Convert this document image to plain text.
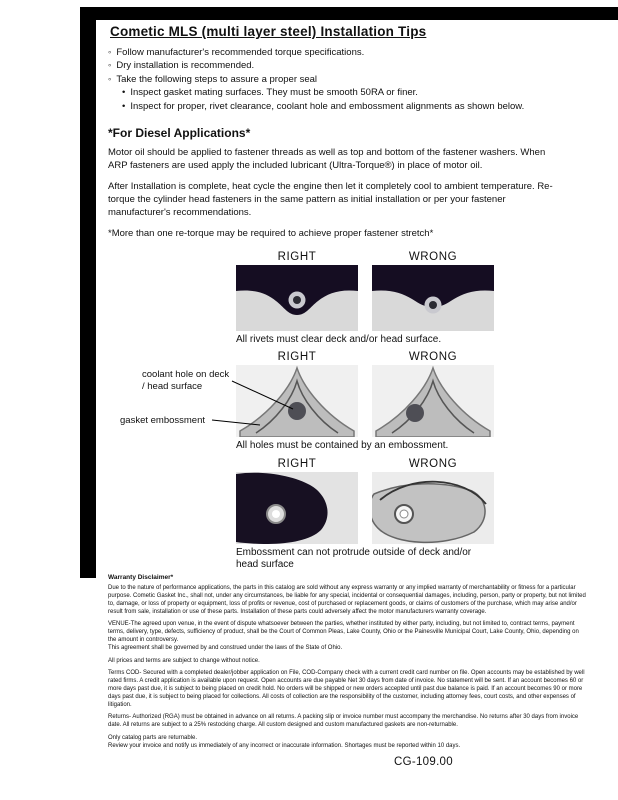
Cometic MLS (multi layer steel) Installation Tips
◦ Follow manufacturer's recommended torque specifications.
◦ Dry installation is recommended.
◦ Take the following steps to assure a proper seal
• Inspect gasket mating surfaces. They must be smooth 50RA or finer.
• Inspect for proper, rivet clearance, coolant hole and embossment alignments as shown below.
*For Diesel Applications*

Motor oil should be applied to fastener threads as well as top and bottom of the fastener washers. When ARP fasteners are used apply the included lubricant (Ultra-Torque®) in place of motor oil.

After Installation is complete, heat cycle the engine then let it completely cool to ambient temperature. Re-torque the cylinder head fasteners in the same pattern as initial installation or per your fastener manufacturer's recommendations.

*More than one re-torque may be required to achieve proper fastener stretch*

RIGHT	WRONG
All rivets must clear deck and/or head surface.
RIGHT	WRONG
coolant hole on deck / head surface
gasket embossment
All holes must be contained by an embossment.
RIGHT	WRONG
Embossment can not protrude outside of deck and/or head surface
Warranty Disclaimer*

Due to the nature of performance applications, the parts in this catalog are sold without any express warranty or any implied warranty of merchantability or fitness for a particular purpose. Cometic Gasket Inc., shall not, under any circumstances, be liable for any special, incidental or consequential damages, including, person, party or property, but not limited to, damage, or loss of property or equipment, loss of profits or revenue, cost of purchased or replacement goods, or claims of customers of the purchase, which may arise and/or result from sale, installation or use of these parts. Installation of these parts could adversely affect the motor manufacturers warranty coverage.

VENUE-The agreed upon venue, in the event of dispute whatsoever between the parties, whether instituted by either party, including, but not limited to, contract terms, payment terms, delivery, type, defects, sufficiency of product, shall be the Court of Common Pleas, Lake County, Ohio or the Painesville Municipal Court, Lake County, Ohio, depending on the amount in controversy.

This agreement shall be governed by and construed under the laws of the State of Ohio.

All prices and terms are subject to change without notice.

Terms COD- Secured with a completed dealer/jobber application on File, COD-Company check with a current credit card number on file. Open accounts may be established by well rated firms. A credit application is available upon request. Open accounts are due payable Net 30 days from date of invoice. No statement will be sent. If an account becomes 60 or more days past due, it is subject to being placed on credit hold. No orders will be shipped or new orders accepted until past due balance is paid. If an account becomes 90 or more days past due, it is subject to being placed for collections. All costs of collection are the responsibility of the customer, including attorney fees, court costs, and other expenses of litigation.

Returns- Authorized (RGA) must be obtained in advance on all returns. A packing slip or invoice number must accompany the merchandise. No returns after 30 days from invoice date. All returns are subject to a 25% restocking charge. All custom designed and custom manufactured gaskets are non-returnable.

Only catalog parts are returnable.

Review your invoice and notify us immediately of any incorrect or inaccurate information. Shortages must be reported within 10 days.

CG-109.00
